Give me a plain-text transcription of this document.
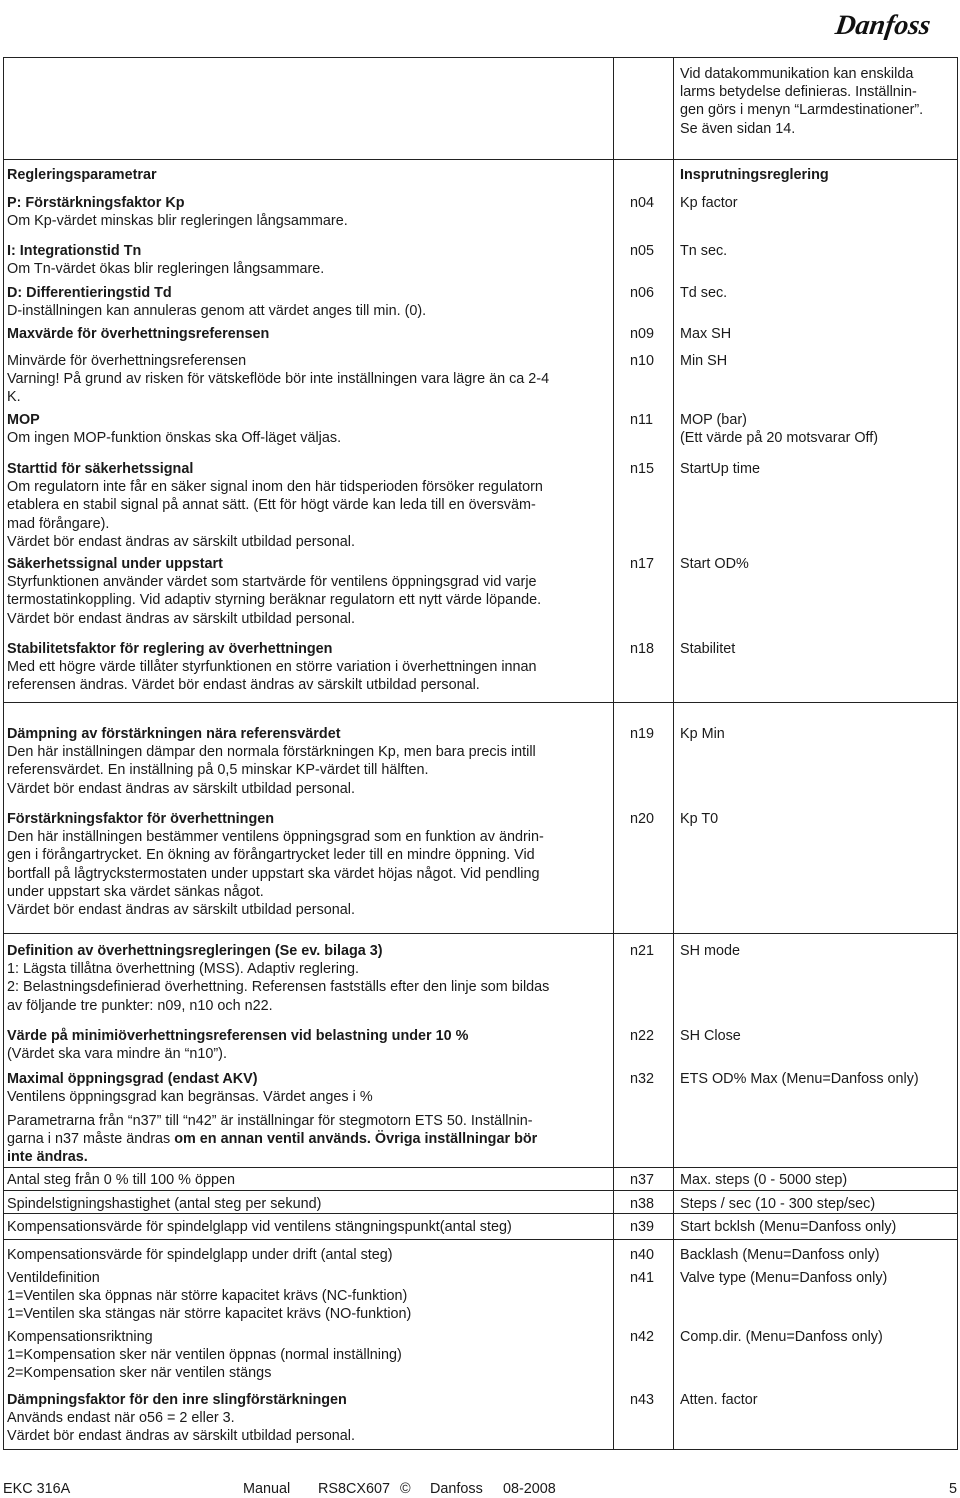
Danfoss
Vid datakommunikation kan enskilda
larms betydelse definieras. Inställnin-
gen görs i menyn “Larmdestinationer”.
Se även sidan 14.
Regleringsparametrar	Insprutningsreglering
P: Förstärkningsfaktor Kp
Om Kp-värdet minskas blir regleringen långsammare.
n04	Kp factor
I: Integrationstid Tn
Om Tn-värdet ökas blir regleringen långsammare.
n05	Tn sec.
D: Differentieringstid Td
D-inställningen kan annuleras genom att värdet anges till min. (0).
n06	Td sec.
Maxvärde för överhettningsreferensen	n09	Max SH
Minvärde för överhettningsreferensen
Varning! På grund av risken för vätskeflöde bör inte inställningen vara lägre än ca 2-4
K.
n10	Min SH
MOP
Om ingen MOP-funktion önskas ska Off-läget väljas.
n11	MOP (bar)
(Ett värde på 20 motsvarar Off)
Starttid för säkerhetssignal
Om regulatorn inte får en säker signal inom den här tidsperioden försöker regulatorn
etablera en stabil signal på annat sätt. (Ett för högt värde kan leda till en översväm-
mad förångare).
Värdet bör endast ändras av särskilt utbildad personal.
n15	StartUp time
Säkerhetssignal under uppstart
Styrfunktionen använder värdet som startvärde för ventilens öppningsgrad vid varje
termostatinkoppling. Vid adaptiv styrning beräknar regulatorn ett nytt värde löpande.
Värdet bör endast ändras av särskilt utbildad personal.
n17	Start OD%
Stabilitetsfaktor för reglering av överhettningen
Med ett högre värde tillåter styrfunktionen en större variation i överhettningen innan
referensen ändras. Värdet bör endast ändras av särskilt utbildad personal.
n18	Stabilitet
Dämpning av förstärkningen nära referensvärdet
Den här inställningen dämpar den normala förstärkningen Kp, men bara precis intill
referensvärdet. En inställning på 0,5 minskar KP-värdet till hälften.
Värdet bör endast ändras av särskilt utbildad personal.
n19	Kp Min
Förstärkningsfaktor för överhettningen
Den här inställningen bestämmer ventilens öppningsgrad som en funktion av ändrin-
gen i förångartrycket. En ökning av förångartrycket leder till en mindre öppning. Vid
bortfall på lågtryckstermostaten under uppstart ska värdet höjas något. Vid pendling
under uppstart ska värdet sänkas något.
Värdet bör endast ändras av särskilt utbildad personal.
n20	Kp T0
Definition av överhettningsregleringen (Se ev. bilaga 3)
1: Lägsta tillåtna överhettning (MSS). Adaptiv reglering.
2: Belastningsdefinierad överhettning. Referensen fastställs efter den linje som bildas
av följande tre punkter: n09, n10 och n22.
n21	SH mode
Värde på minimiöverhettningsreferensen vid belastning under 10 %
(Värdet ska vara mindre än “n10”).
n22	SH Close
Maximal öppningsgrad (endast AKV)
Ventilens öppningsgrad kan begränsas. Värdet anges i %
n32	ETS OD% Max (Menu=Danfoss only)
Parametrarna från “n37” till “n42” är inställningar för stegmotorn ETS 50. Inställnin-
garna i n37 måste ändras om en annan ventil används. Övriga inställningar bör
inte ändras.
Antal steg från 0 % till 100 % öppen	n37	Max. steps (0 - 5000 step)
Spindelstigningshastighet (antal steg per sekund)	n38	Steps / sec (10 - 300 step/sec)
Kompensationsvärde för spindelglapp vid ventilens stängningspunkt(antal steg)	n39	Start bcklsh (Menu=Danfoss only)
Kompensationsvärde för spindelglapp under drift (antal steg)	n40	Backlash (Menu=Danfoss only)
Ventildefinition
1=Ventilen ska öppnas när större kapacitet krävs (NC-funktion)
1=Ventilen ska stängas när större kapacitet krävs (NO-funktion)
n41	Valve type (Menu=Danfoss only)
Kompensationsriktning
1=Kompensation sker när ventilen öppnas (normal inställning)
2=Kompensation sker när ventilen stängs
n42	Comp.dir. (Menu=Danfoss only)
Dämpningsfaktor för den inre slingförstärkningen
Används endast när o56 = 2 eller 3.
Värdet bör endast ändras av särskilt utbildad personal.
n43	Atten. factor
EKC 316A	Manual RS8CX607 © Danfoss 08-2008	5
